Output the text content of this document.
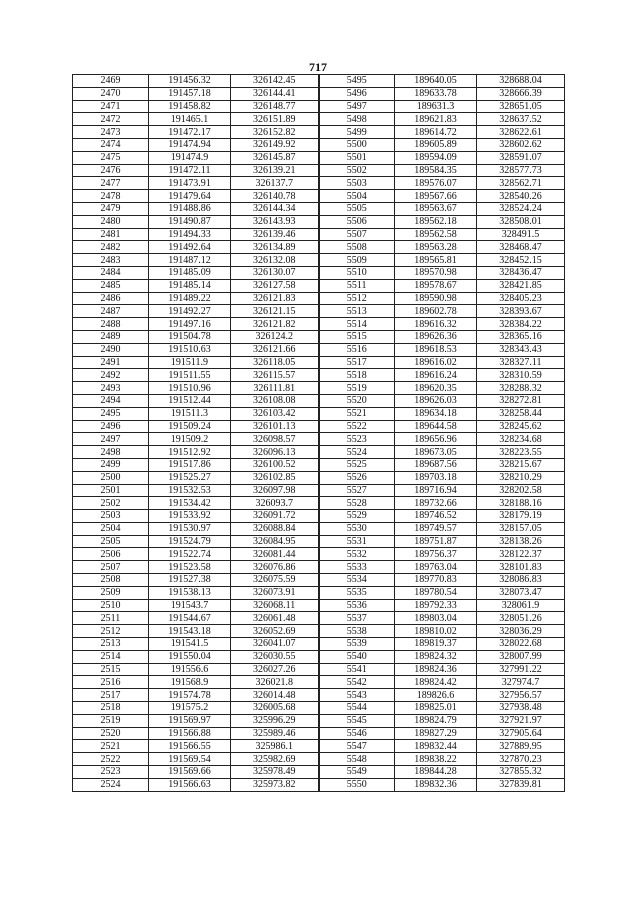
717
2469	191456.32	326142.45	5495	189640.05	328688.04
2470	191457.18	326144.41	5496	189633.78	328666.39
2471	191458.82	326148.77	5497	189631.3	328651.05
2472	191465.1	326151.89	5498	189621.83	328637.52
2473	191472.17	326152.82	5499	189614.72	328622.61
2474	191474.94	326149.92	5500	189605.89	328602.62
2475	191474.9	326145.87	5501	189594.09	328591.07
2476	191472.11	326139.21	5502	189584.35	328577.73
2477	191473.91	326137.7	5503	189576.07	328562.71
2478	191479.64	326140.78	5504	189567.66	328540.26
2479	191488.86	326144.34	5505	189563.67	328524.24
2480	191490.87	326143.93	5506	189562.18	328508.01
2481	191494.33	326139.46	5507	189562.58	328491.5
2482	191492.64	326134.89	5508	189563.28	328468.47
2483	191487.12	326132.08	5509	189565.81	328452.15
2484	191485.09	326130.07	5510	189570.98	328436.47
2485	191485.14	326127.58	5511	189578.67	328421.85
2486	191489.22	326121.83	5512	189590.98	328405.23
2487	191492.27	326121.15	5513	189602.78	328393.67
2488	191497.16	326121.82	5514	189616.32	328384.22
2489	191504.78	326124.2	5515	189626.36	328365.16
2490	191510.63	326121.66	5516	189618.53	328343.43
2491	191511.9	326118.05	5517	189616.02	328327.11
2492	191511.55	326115.57	5518	189616.24	328310.59
2493	191510.96	326111.81	5519	189620.35	328288.32
2494	191512.44	326108.08	5520	189626.03	328272.81
2495	191511.3	326103.42	5521	189634.18	328258.44
2496	191509.24	326101.13	5522	189644.58	328245.62
2497	191509.2	326098.57	5523	189656.96	328234.68
2498	191512.92	326096.13	5524	189673.05	328223.55
2499	191517.86	326100.52	5525	189687.56	328215.67
2500	191525.27	326102.85	5526	189703.18	328210.29
2501	191532.53	326097.98	5527	189716.94	328202.58
2502	191534.42	326093.7	5528	189732.66	328188.16
2503	191533.92	326091.72	5529	189746.52	328179.19
2504	191530.97	326088.84	5530	189749.57	328157.05
2505	191524.79	326084.95	5531	189751.87	328138.26
2506	191522.74	326081.44	5532	189756.37	328122.37
2507	191523.58	326076.86	5533	189763.04	328101.83
2508	191527.38	326075.59	5534	189770.83	328086.83
2509	191538.13	326073.91	5535	189780.54	328073.47
2510	191543.7	326068.11	5536	189792.33	328061.9
2511	191544.67	326061.48	5537	189803.04	328051.26
2512	191543.18	326052.69	5538	189810.02	328036.29
2513	191541.5	326041.07	5539	189819.37	328022.68
2514	191550.04	326030.55	5540	189824.32	328007.99
2515	191556.6	326027.26	5541	189824.36	327991.22
2516	191568.9	326021.8	5542	189824.42	327974.7
2517	191574.78	326014.48	5543	189826.6	327956.57
2518	191575.2	326005.68	5544	189825.01	327938.48
2519	191569.97	325996.29	5545	189824.79	327921.97
2520	191566.88	325989.46	5546	189827.29	327905.64
2521	191566.55	325986.1	5547	189832.44	327889.95
2522	191569.54	325982.69	5548	189838.22	327870.23
2523	191569.66	325978.49	5549	189844.28	327855.32
2524	191566.63	325973.82	5550	189832.36	327839.81
